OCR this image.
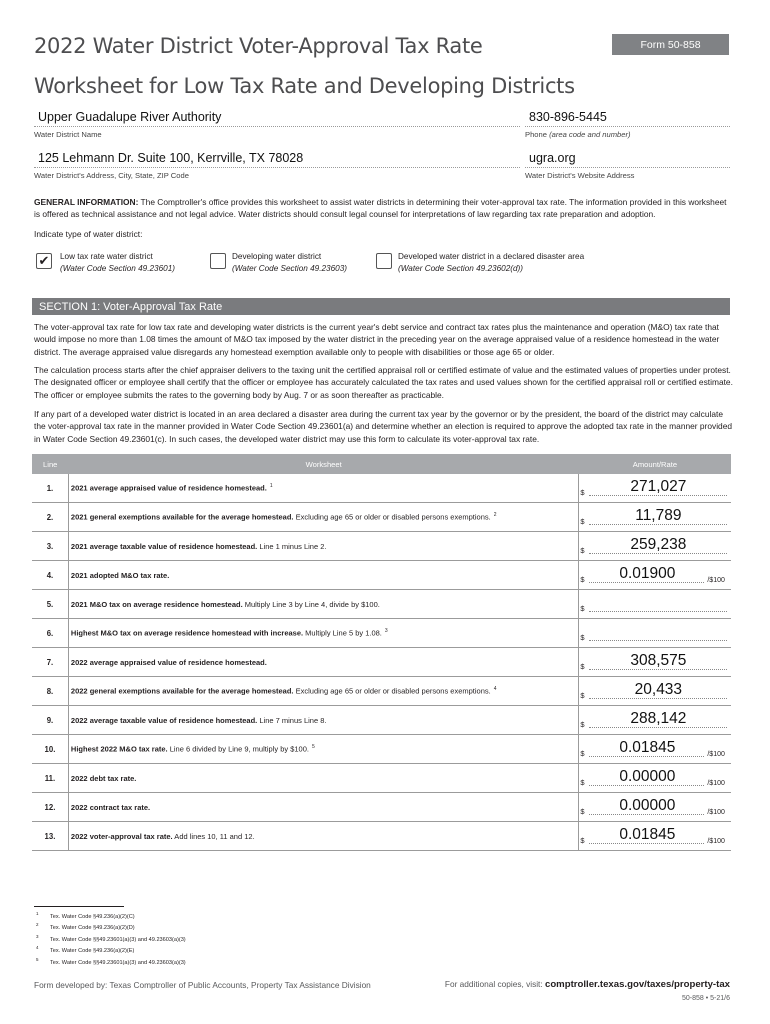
2022 Water District Voter-Approval Tax Rate
Worksheet for Low Tax Rate and Developing Districts
Form 50-858
Upper Guadalupe River Authority
Water District Name
830-896-5445
Phone (area code and number)
125 Lehmann Dr. Suite 100, Kerrville, TX 78028
Water District's Address, City, State, ZIP Code
ugra.org
Water District's Website Address
GENERAL INFORMATION: The Comptroller's office provides this worksheet to assist water districts in determining their voter-approval tax rate. The information provided in this worksheet is offered as technical assistance and not legal advice. Water districts should consult legal counsel for interpretations of law regarding tax rate preparation and adoption.
Indicate type of water district:
✔	Low tax rate water district
(Water Code Section 49.23601)
Developing water district
(Water Code Section 49.23603)
Developed water district in a declared disaster area
(Water Code Section 49.23602(d))
SECTION 1: Voter-Approval Tax Rate
The voter-approval tax rate for low tax rate and developing water districts is the current year's debt service and contract tax rates plus the maintenance and operation (M&O) tax rate that would impose no more than 1.08 times the amount of M&O tax imposed by the water district in the preceding year on the average appraised value of a residence homestead in the water district. The average appraised value disregards any homestead exemption available only to people with disabilities or those age 65 or older.
The calculation process starts after the chief appraiser delivers to the taxing unit the certified appraisal roll or certified estimate of value and the estimated values of properties under protest. The designated officer or employee shall certify that the officer or employee has accurately calculated the tax rates and used values shown for the certified appraisal roll or certified estimate. The officer or employee submits the rates to the governing body by Aug. 7 or as soon thereafter as practicable.
If any part of a developed water district is located in an area declared a disaster area during the current tax year by the governor or by the president, the board of the district may calculate the voter-approval tax rate in the manner provided in Water Code Section 49.23601(a) and determine whether an election is required to approve the adopted tax rate in the manner provided in Water Code Section 49.23601(c). In such cases, the developed water district may use this form to calculate its voter-approval tax rate.
Line	Worksheet	Amount/Rate
1.	2021 average appraised value of residence homestead. $^1$	$ 271,027

2.	2021 general exemptions available for the average homestead. Excluding age 65 or older or disabled persons exemptions. $^2$	$ 11,789

3.	2021 average taxable value of residence homestead. Line 1 minus Line 2.	$ 259,238

4.	2021 adopted M&O tax rate.	$ 0.01900 /$100

5.	2021 M&O tax on average residence homestead. Multiply Line 3 by Line 4, divide by $100.	$

6.	Highest M&O tax on average residence homestead with increase. Multiply Line 5 by 1.08. $^3$	$

7.	2022 average appraised value of residence homestead.	$ 308,575

8.	2022 general exemptions available for the average homestead. Excluding age 65 or older or disabled persons exemptions. $^4$	$ 20,433

9.	2022 average taxable value of residence homestead. Line 7 minus Line 8.	$ 288,142

10.	Highest 2022 M&O tax rate. Line 6 divided by Line 9, multiply by $100. $^5$	$ 0.01845 /$100

11.	2022 debt tax rate.	$ 0.00000 /$100

12.	2022 contract tax rate.	$ 0.00000 /$100

13.	2022 voter-approval tax rate. Add lines 10, 11 and 12.	$ 0.01845 /$100
$^1$Tex. Water Code §49.236(a)(2)(C)
$^2$Tex. Water Code §49.236(a)(2)(D)
$^3$Tex. Water Code §§49.23601(a)(3) and 49.23603(a)(3)
$^4$Tex. Water Code §49.236(a)(2)(E)
$^5$Tex. Water Code §§49.23601(a)(3) and 49.23603(a)(3)
Form developed by: Texas Comptroller of Public Accounts, Property Tax Assistance Division	For additional copies, visit: comptroller.texas.gov/taxes/property-tax
50-858 • 5-21/6
